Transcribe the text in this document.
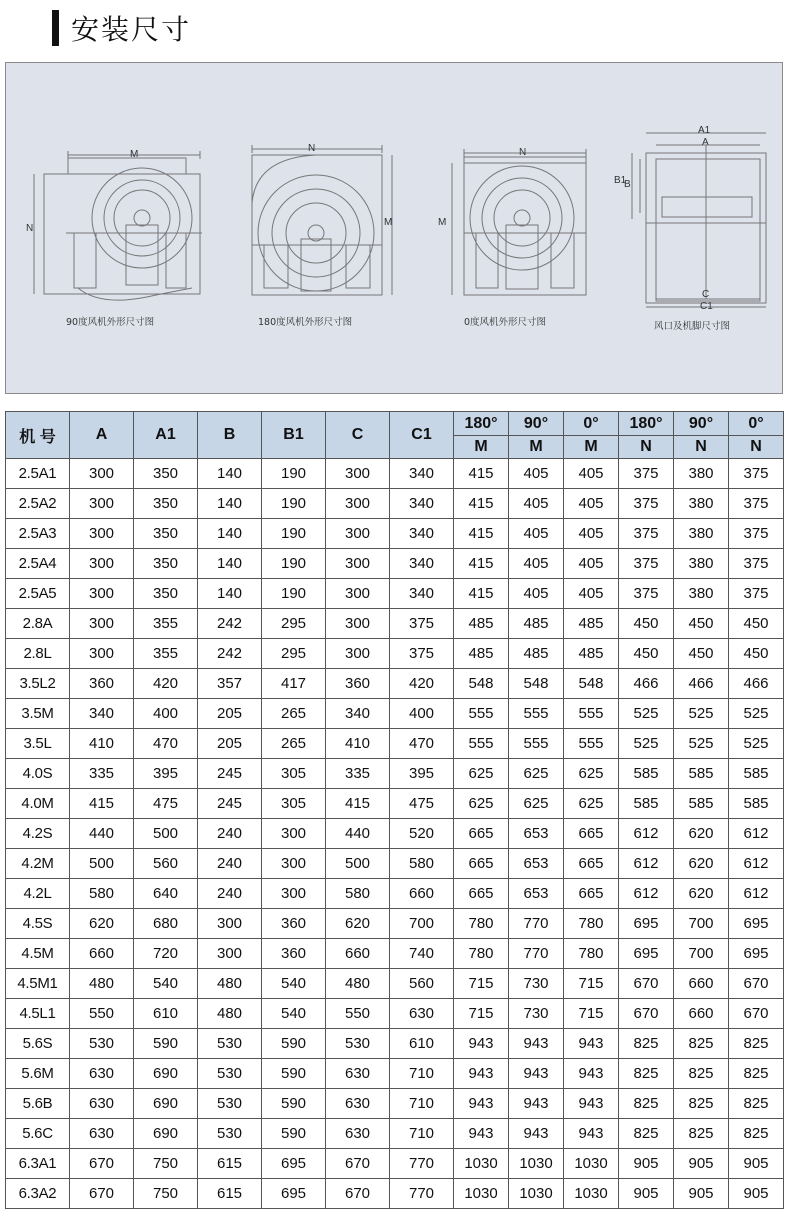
安装尺寸
M
N
N
M
N
M
A1
A
B1
B
C
C1
90度风机外形尺寸图	180度风机外形尺寸图	0度风机外形尺寸图	风口及机脚尺寸图
机 号	A	A1	B	B1	C	C1	180°	90°	0°	180°	90°	0°
							M	M	M	N	N	N
2.5A1	300	350	140	190	300	340	415	405	405	375	380	375
2.5A2	300	350	140	190	300	340	415	405	405	375	380	375
2.5A3	300	350	140	190	300	340	415	405	405	375	380	375
2.5A4	300	350	140	190	300	340	415	405	405	375	380	375
2.5A5	300	350	140	190	300	340	415	405	405	375	380	375
2.8A	300	355	242	295	300	375	485	485	485	450	450	450
2.8L	300	355	242	295	300	375	485	485	485	450	450	450
3.5L2	360	420	357	417	360	420	548	548	548	466	466	466
3.5M	340	400	205	265	340	400	555	555	555	525	525	525
3.5L	410	470	205	265	410	470	555	555	555	525	525	525
4.0S	335	395	245	305	335	395	625	625	625	585	585	585
4.0M	415	475	245	305	415	475	625	625	625	585	585	585
4.2S	440	500	240	300	440	520	665	653	665	612	620	612
4.2M	500	560	240	300	500	580	665	653	665	612	620	612
4.2L	580	640	240	300	580	660	665	653	665	612	620	612
4.5S	620	680	300	360	620	700	780	770	780	695	700	695
4.5M	660	720	300	360	660	740	780	770	780	695	700	695
4.5M1	480	540	480	540	480	560	715	730	715	670	660	670
4.5L1	550	610	480	540	550	630	715	730	715	670	660	670
5.6S	530	590	530	590	530	610	943	943	943	825	825	825
5.6M	630	690	530	590	630	710	943	943	943	825	825	825
5.6B	630	690	530	590	630	710	943	943	943	825	825	825
5.6C	630	690	530	590	630	710	943	943	943	825	825	825
6.3A1	670	750	615	695	670	770	1030	1030	1030	905	905	905
6.3A2	670	750	615	695	670	770	1030	1030	1030	905	905	905
